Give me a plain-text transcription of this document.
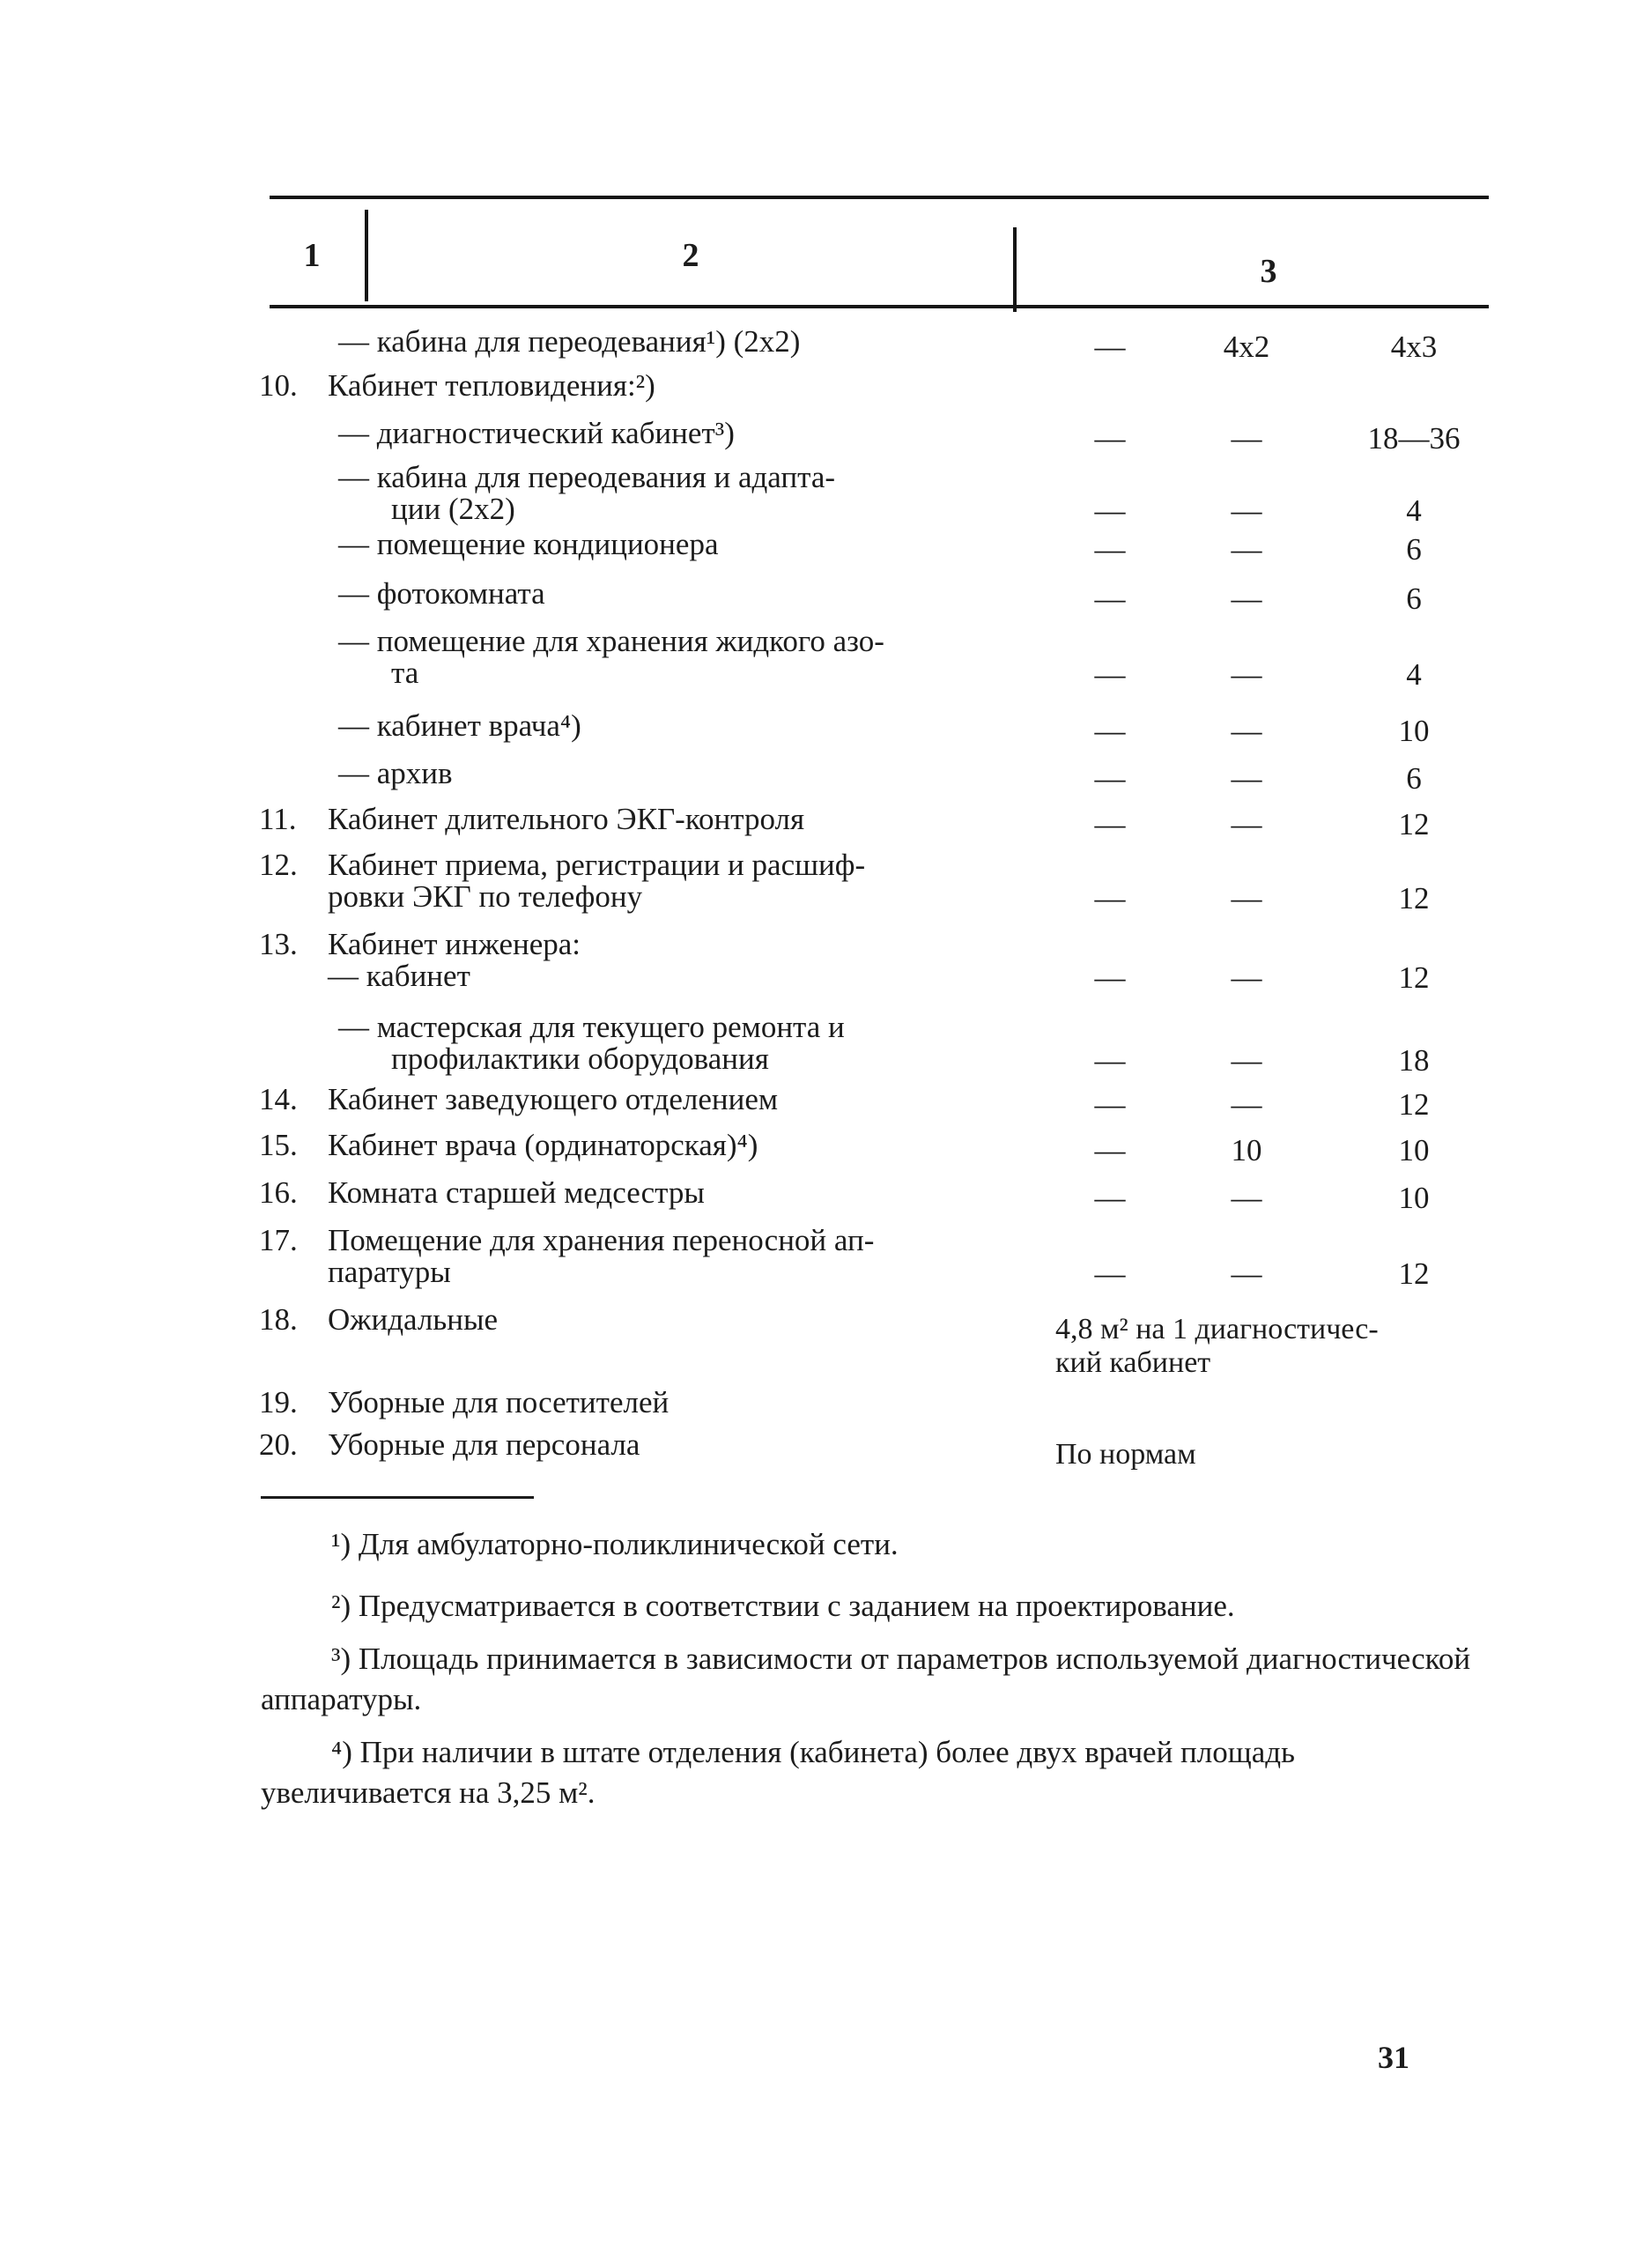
1	2	3
— кабина для переодевания¹) (2х2)	—	4x2	4x3
10. Кабинет тепловидения:²)
— диагностический кабинет³)	—	—	18—36
— кабина для переодевания и адапта-
ции (2х2)	—	—	4
— помещение кондиционера	—	—	6
— фотокомната	—	—	6
— помещение для хранения жидкого азо-
та	—	—	4
— кабинет врача⁴)	—	—	10
— архив	—	—	6
11. Кабинет длительного ЭКГ-контроля	—	—	12
12. Кабинет приема, регистрации и расшиф-
ровки ЭКГ по телефону	—	—	12
13. Кабинет инженера:
— кабинет	—	—	12
— мастерская для текущего ремонта и
профилактики оборудования	—	—	18
14. Кабинет заведующего отделением	—	—	12
15. Кабинет врача (ординаторская)⁴)	—	10	10
16. Комната старшей медсестры	—	—	10
17. Помещение для хранения переносной ап-
паратуры	—	—	12
18. Ожидальные	4,8 м² на 1 диагностичес-
кий кабинет
19. Уборные для посетителей
20. Уборные для персонала	По нормам

¹) Для амбулаторно-поликлинической сети.

²) Предусматривается в соответствии с заданием на проектирование.

³) Площадь принимается в зависимости от параметров используемой диагностической аппаратуры.

⁴) При наличии в штате отделения (кабинета) более двух врачей площадь увеличивается на 3,25 м².

31
